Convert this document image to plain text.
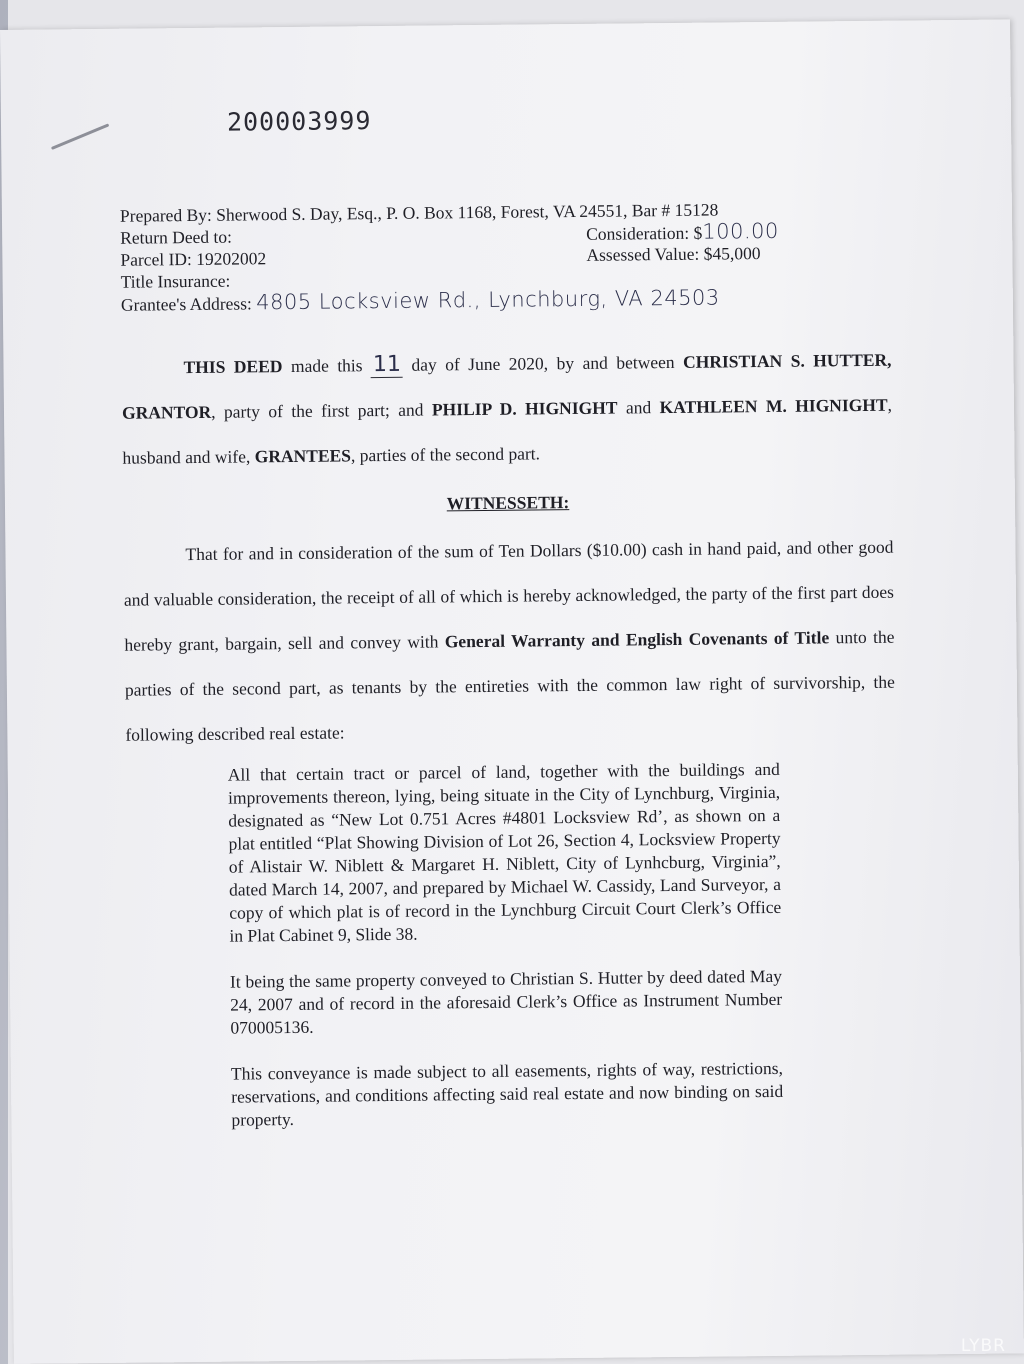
200003999
Prepared By: Sherwood S. Day, Esq., P. O. Box 1168, Forest, VA 24551, Bar # 15128
Return Deed to:	Consideration: $100.00
Parcel ID: 19202002	Assessed Value: $45,000
Title Insurance:
Grantee's Address: 4805 Locksview Rd., Lynchburg, VA 24503

THIS DEED made this 11 day of June 2020, by and between CHRISTIAN S. HUTTER, GRANTOR, party of the first part; and PHILIP D. HIGNIGHT and KATHLEEN M. HIGNIGHT, husband and wife, GRANTEES, parties of the second part.

WITNESSETH:

That for and in consideration of the sum of Ten Dollars ($10.00) cash in hand paid, and other good and valuable consideration, the receipt of all of which is hereby acknowledged, the party of the first part does hereby grant, bargain, sell and convey with General Warranty and English Covenants of Title unto the parties of the second part, as tenants by the entireties with the common law right of survivorship, the following described real estate:

All that certain tract or parcel of land, together with the buildings and improvements thereon, lying, being situate in the City of Lynchburg, Virginia, designated as “New Lot 0.751 Acres #4801 Locksview Rd’, as shown on a plat entitled “Plat Showing Division of Lot 26, Section 4, Locksview Property of Alistair W. Niblett & Margaret H. Niblett, City of Lynhcburg, Virginia”, dated March 14, 2007, and prepared by Michael W. Cassidy, Land Surveyor, a copy of which plat is of record in the Lynchburg Circuit Court Clerk’s Office in Plat Cabinet 9, Slide 38.

It being the same property conveyed to Christian S. Hutter by deed dated May 24, 2007 and of record in the aforesaid Clerk’s Office as Instrument Number 070005136.

This conveyance is made subject to all easements, rights of way, restrictions, reservations, and conditions affecting said real estate and now binding on said property.

LYBR
